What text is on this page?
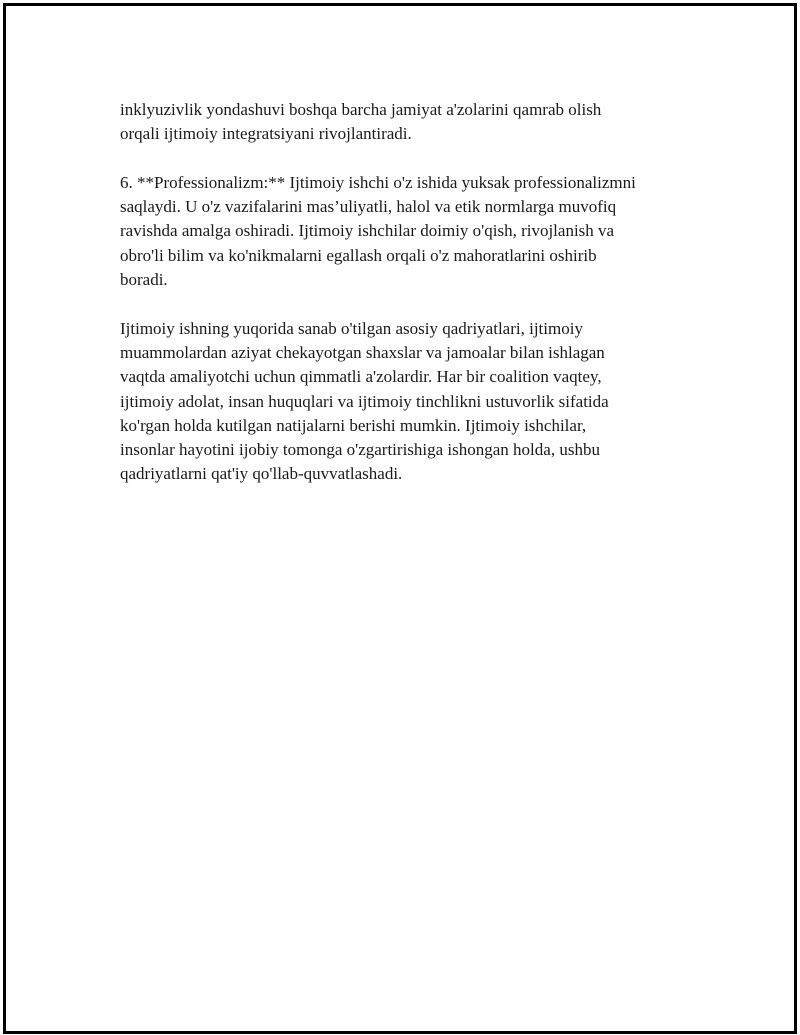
inklyuzivlik yondashuvi boshqa barcha jamiyat a'zolarini qamrab olish
orqali ijtimoiy integratsiyani rivojlantiradi.

6. **Professionalizm:** Ijtimoiy ishchi o'z ishida yuksak professionalizmni
saqlaydi. U o'z vazifalarini mas’uliyatli, halol va etik normlarga muvofiq
ravishda amalga oshiradi. Ijtimoiy ishchilar doimiy o'qish, rivojlanish va
obro'li bilim va ko'nikmalarni egallash orqali o'z mahoratlarini oshirib
boradi.

Ijtimoiy ishning yuqorida sanab o'tilgan asosiy qadriyatlari, ijtimoiy
muammolardan aziyat chekayotgan shaxslar va jamoalar bilan ishlagan
vaqtda amaliyotchi uchun qimmatli a'zolardir. Har bir coalition vaqtey,
ijtimoiy adolat, insan huquqlari va ijtimoiy tinchlikni ustuvorlik sifatida
ko'rgan holda kutilgan natijalarni berishi mumkin. Ijtimoiy ishchilar,
insonlar hayotini ijobiy tomonga o'zgartirishiga ishongan holda, ushbu
qadriyatlarni qat'iy qo'llab-quvvatlashadi.
